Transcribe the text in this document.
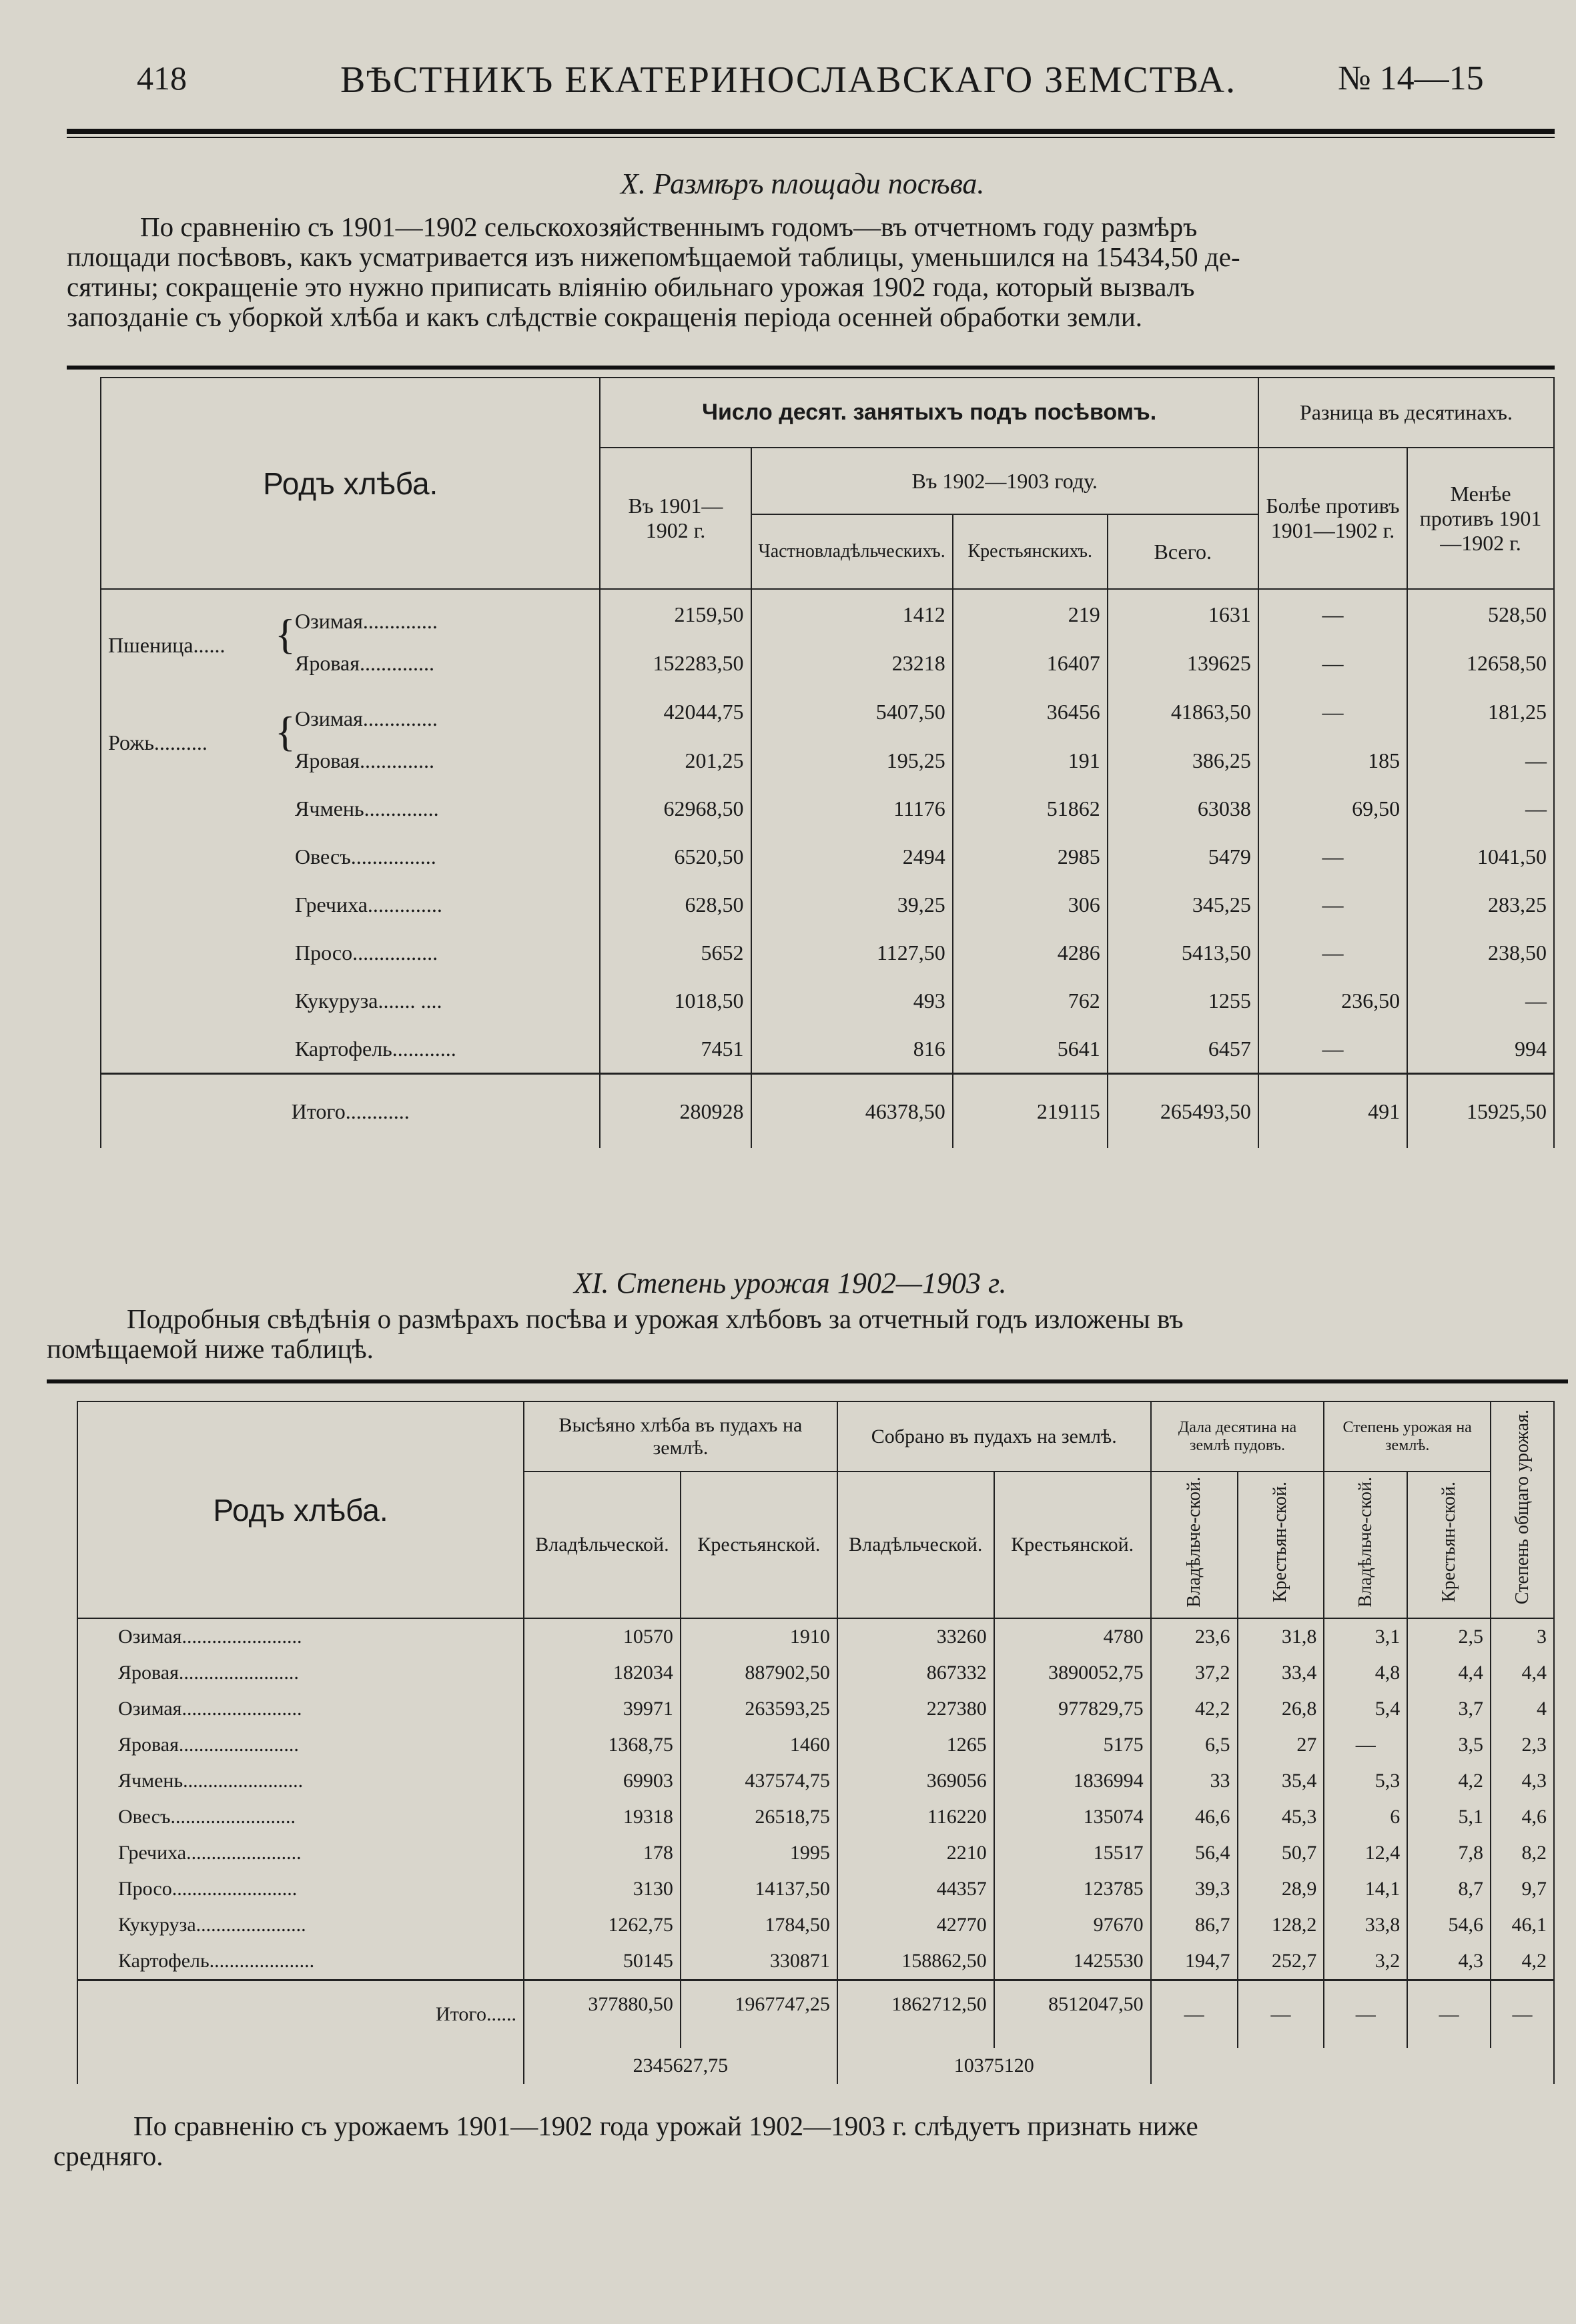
418	ВѢСТНИКЪ ЕКАТЕРИНОСЛАВСКАГО ЗЕМСТВА.	№ 14—15
X. Размѣръ площади посѣва.
По сравненію съ 1901—1902 сельскохозяйственнымъ годомъ—въ отчетномъ году размѣръ
площади посѣвовъ, какъ усматривается изъ нижепомѣщаемой таблицы, уменьшился на 15434,50 де-
сятины; сокращеніе это нужно приписать вліянію обильнаго урожая 1902 года, который вызвалъ
запозданіе съ уборкой хлѣба и какъ слѣдствіе сокращенія періода осенней обработки земли.
Родъ хлѣба.	Число десят. занятыхъ подъ посѣвомъ.				Разница въ десятинахъ.	
	Въ 1901—1902 г.	Въ 1902—1903 году.			Болѣе противъ 1901—1902 г.	Менѣе противъ 1901—1902 г.
		Частновладѣльческихъ.	Крестьянскихъ.	Всего.		
Пшеница...... {Озимая..............	2159,50	1412	219	1631	—	528,50
Яровая..............	152283,50	23218	16407	139625	—	12658,50
Рожь.......... {Озимая..............	42044,75	5407,50	36456	41863,50	—	181,25
Яровая..............	201,25	195,25	191	386,25	185	—
Ячмень..............	62968,50	11176	51862	63038	69,50	—
Овесъ................	6520,50	2494	2985	5479	—	1041,50
Гречиха..............	628,50	39,25	306	345,25	—	283,25
Просо................	5652	1127,50	4286	5413,50	—	238,50
Кукуруза....... ....	1018,50	493	762	1255	236,50	—
Картофель............	7451	816	5641	6457	—	994
Итого............	280928	46378,50	219115	265493,50	491	15925,50
XI. Степень урожая 1902—1903 г.
Подробныя свѣдѣнія о размѣрахъ посѣва и урожая хлѣбовъ за отчетный годъ изложены въ
помѣщаемой ниже таблицѣ.
Родъ хлѣба.	Высѣяно хлѣба въ пудахъ на землѣ.		Собрано въ пудахъ на землѣ.		Дала десятина на землѣ пудовъ.		Степень урожая на землѣ.		Степень общаго урожая.
	Владѣльческой.	Крестьянской.	Владѣльческой.	Крестьянской.	Владѣльче-ской.	Крестьян-ской.	Владѣльче-ской.	Крестьян-ской.	
Озимая........................	10570	1910	33260	4780	23,6	31,8	3,1	2,5	3
Яровая........................	182034	887902,50	867332	3890052,75	37,2	33,4	4,8	4,4	4,4
Озимая........................	39971	263593,25	227380	977829,75	42,2	26,8	5,4	3,7	4
Яровая........................	1368,75	1460	1265	5175	6,5	27	—	3,5	2,3
Ячмень........................	69903	437574,75	369056	1836994	33	35,4	5,3	4,2	4,3
Овесъ.........................	19318	26518,75	116220	135074	46,6	45,3	6	5,1	4,6
Гречиха.......................	178	1995	2210	15517	56,4	50,7	12,4	7,8	8,2
Просо.........................	3130	14137,50	44357	123785	39,3	28,9	14,1	8,7	9,7
Кукуруза......................	1262,75	1784,50	42770	97670	86,7	128,2	33,8	54,6	46,1
Картофель.....................	50145	330871	158862,50	1425530	194,7	252,7	3,2	4,3	4,2
Итого......	377880,50	1967747,25	1862712,50	8512047,50	—	—	—	—	—
	2345627,75		10375120						
По сравненію съ урожаемъ 1901—1902 года урожай 1902—1903 г. слѣдуетъ признать ниже
средняго.
